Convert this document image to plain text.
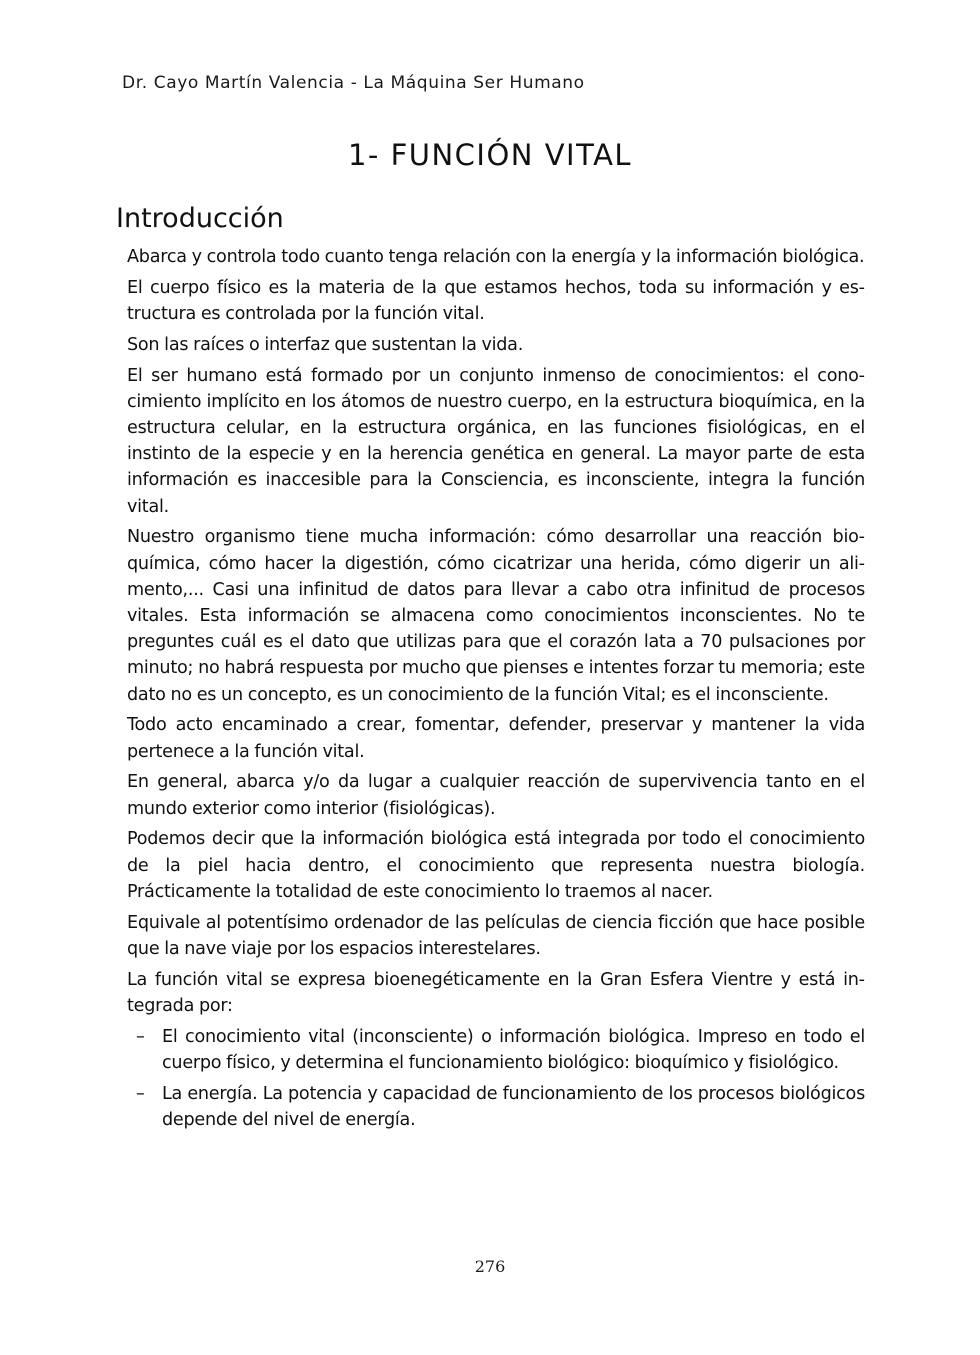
Dr. Cayo Martín Valencia - La Máquina Ser Humano
1- FUNCIÓN VITAL
Introducción

Abarca y controla todo cuanto tenga relación con la energía y la información biológica.

El cuerpo físico es la materia de la que estamos hechos, toda su información y estructura es controlada por la función vital.

Son las raíces o interfaz que sustentan la vida.

El ser humano está formado por un conjunto inmenso de conocimientos: el conocimiento implícito en los átomos de nuestro cuerpo, en la estructura bioquímica, en la estructura celular, en la estructura orgánica, en las funciones fisiológicas, en el instinto de la especie y en la herencia genética en general. La mayor parte de esta información es inaccesible para la Consciencia, es inconsciente, integra la función vital.

Nuestro organismo tiene mucha información: cómo desarrollar una reacción bioquímica, cómo hacer la digestión, cómo cicatrizar una herida, cómo digerir un alimento,... Casi una infinitud de datos para llevar a cabo otra infinitud de procesos vitales. Esta información se almacena como conocimientos inconscientes. No te preguntes cuál es el dato que utilizas para que el corazón lata a 70 pulsaciones por minuto; no habrá respuesta por mucho que pienses e intentes forzar tu memoria; este dato no es un concepto, es un conocimiento de la función Vital; es el inconsciente.

Todo acto encaminado a crear, fomentar, defender, preservar y mantener la vida pertenece a la función vital.

En general, abarca y/o da lugar a cualquier reacción de supervivencia tanto en el mundo exterior como interior (fisiológicas).

Podemos decir que la información biológica está integrada por todo el conocimiento de la piel hacia dentro, el conocimiento que representa nuestra biología. Prácticamente la totalidad de este conocimiento lo traemos al nacer.

Equivale al potentísimo ordenador de las películas de ciencia ficción que hace posible que la nave viaje por los espacios interestelares.

La función vital se expresa bioenegéticamente en la Gran Esfera Vientre y está integrada por:

– El conocimiento vital (inconsciente) o información biológica. Impreso en todo el cuerpo físico, y determina el funcionamiento biológico: bioquímico y fisiológico.
– La energía. La potencia y capacidad de funcionamiento de los procesos biológicos depende del nivel de energía.
276
